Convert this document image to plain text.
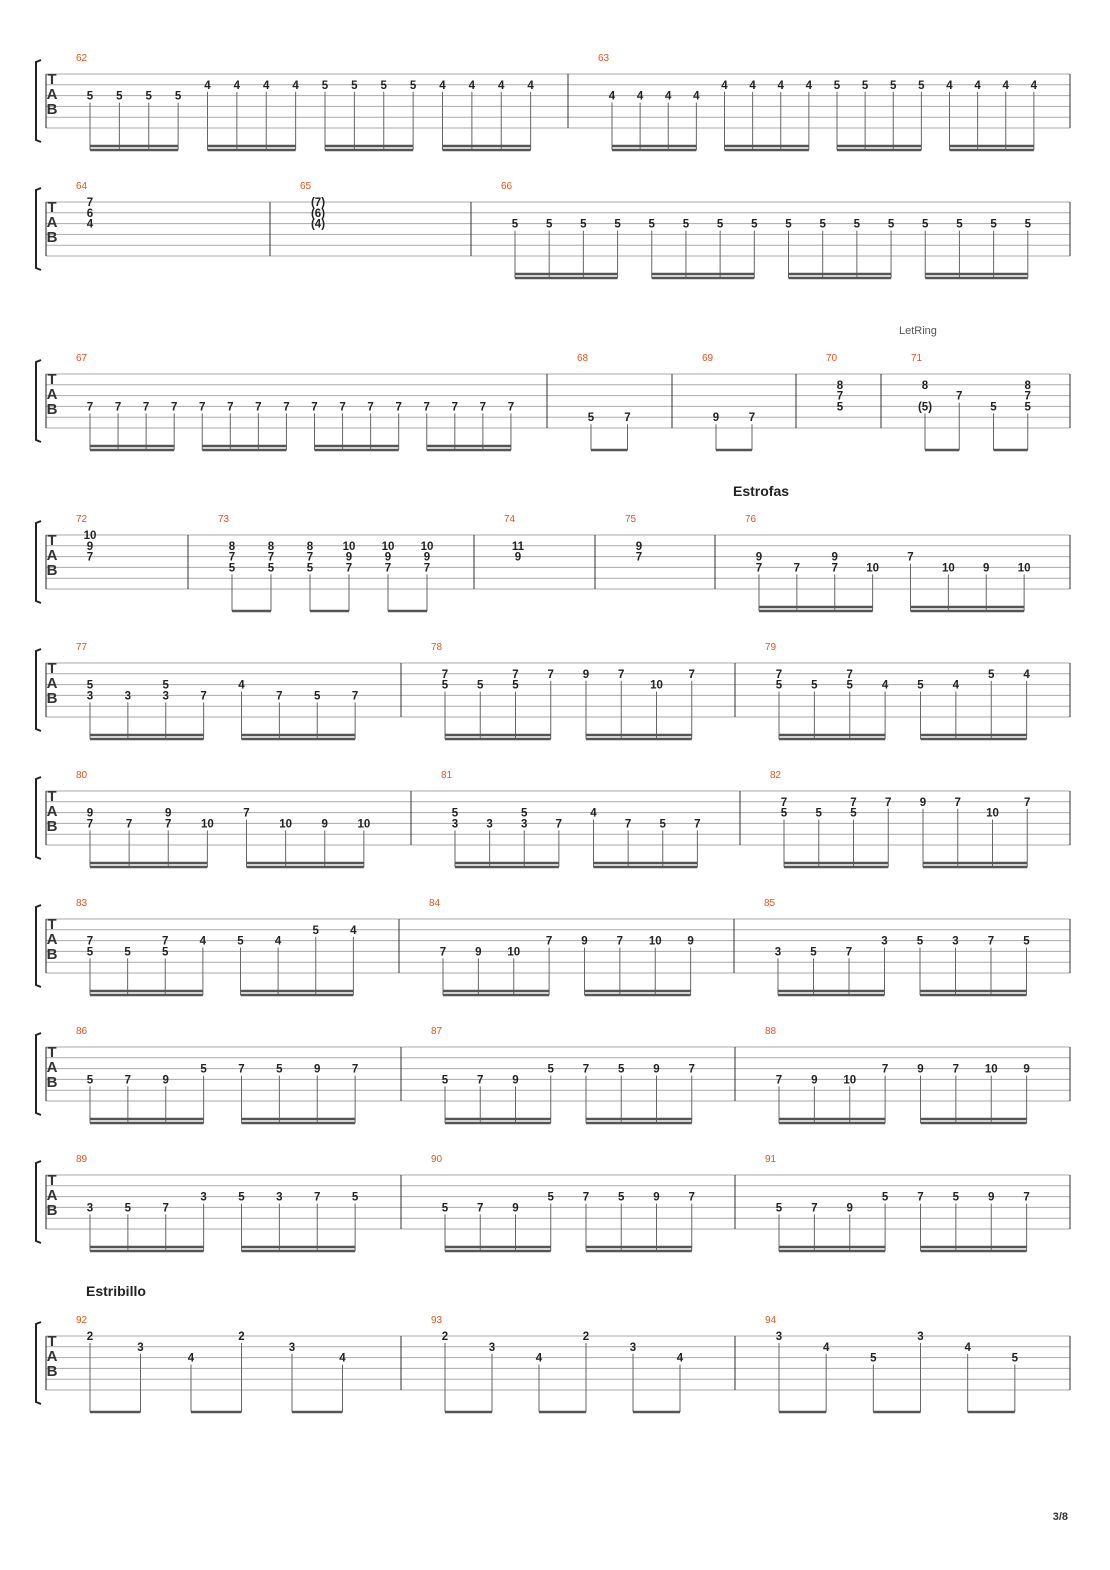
T
A
B
62
5 5 5 5
4 4 4 4 5 5 5 5 4 4 4 4
63
4 4 4 4
4 4 4 4 5 5 5 5 4 4 4 4
T
A
B
64
7
6
4
65
(7)
(6)
(4)
66
5 5 5 5 5 5 5 5 5 5 5 5 5 5 5 5
T
A
B
67
7 7 7 7 7 7 7 7 7 7 7 7 7 7 7 7
68
5	7
69
9	7
70
8
7
5
71
8
(5)
7
5
8
7
5
T
A
B
72
10
9
7
73
8
7
5
8
7
5
8
7
5
10
9
7
10
9
7
10
9
7
74
11
9
75
9
7
76
9
7	7
9
7 10
7
10 9 10
T
A
B
77
5
3	3
5
3	7
4
7	5	7
78
7
5	5
7
5
7	9	7
10
7
79
7
5	5
7
5	4	5	4
5	4
T
A
B
80
9
7	7
9
7	10
7
10	9	10
81
5
3 3
5
3 7
4
7 5 7
82
7
5 5
7
5
7 9 7
10
7
T
A
B
83
7
5	5
7
5
4	5	4
5	4
84
7	9 10
7	9	7 10 9
85
3	5	7
3	5	3	7	5
T
A
B
86
5	7	9
5	7	5	9	7
87
5	7	9
5	7	5	9	7
88
7	9 10
7	9	7 10 9
T
A
B
89
3	5	7
3	5	3	7	5
90
5	7	9
5	7	5	9	7
91
5	7	9
5	7	5	9	7
T
A
B
92
2
3
4
2
3
4
93
2
3
4
2
3
4
94
3
4
5
3
4
5
Estrofas
Estribillo
LetRing
3/8
